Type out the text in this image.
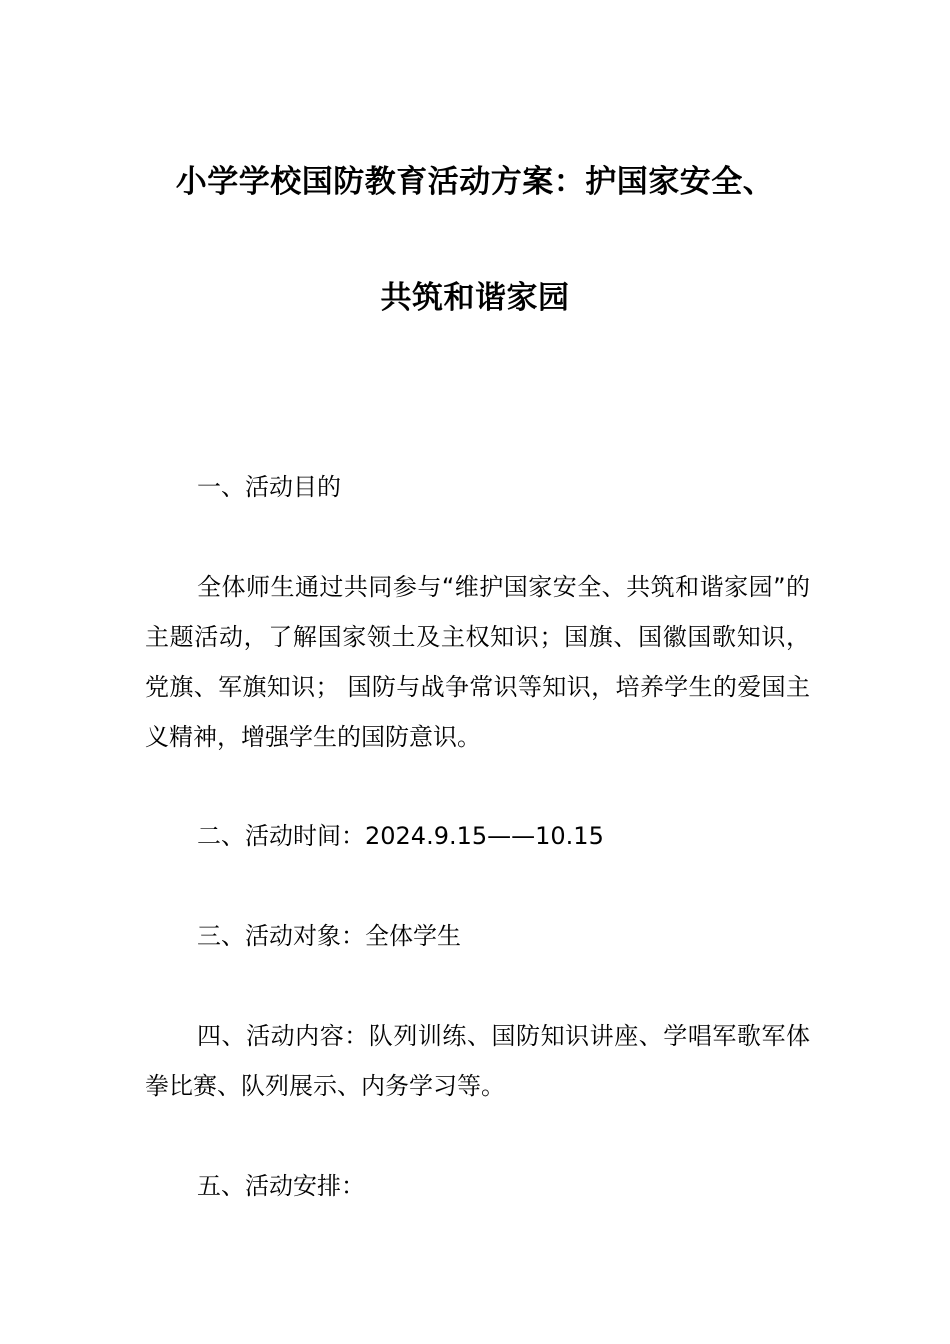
小学学校国防教育活动方案：护国家安全、
共筑和谐家园
一、活动目的
全体师生通过共同参与“维护国家安全、共筑和谐家园”的主题活动，了解国家领土及主权知识；国旗、国徽国歌知识，党旗、军旗知识； 国防与战争常识等知识，培养学生的爱国主义精神，增强学生的国防意识。
二、活动时间：2024.9.15——10.15
三、活动对象：全体学生
四、活动内容：队列训练、国防知识讲座、学唱军歌军体拳比赛、队列展示、内务学习等。
五、活动安排：
